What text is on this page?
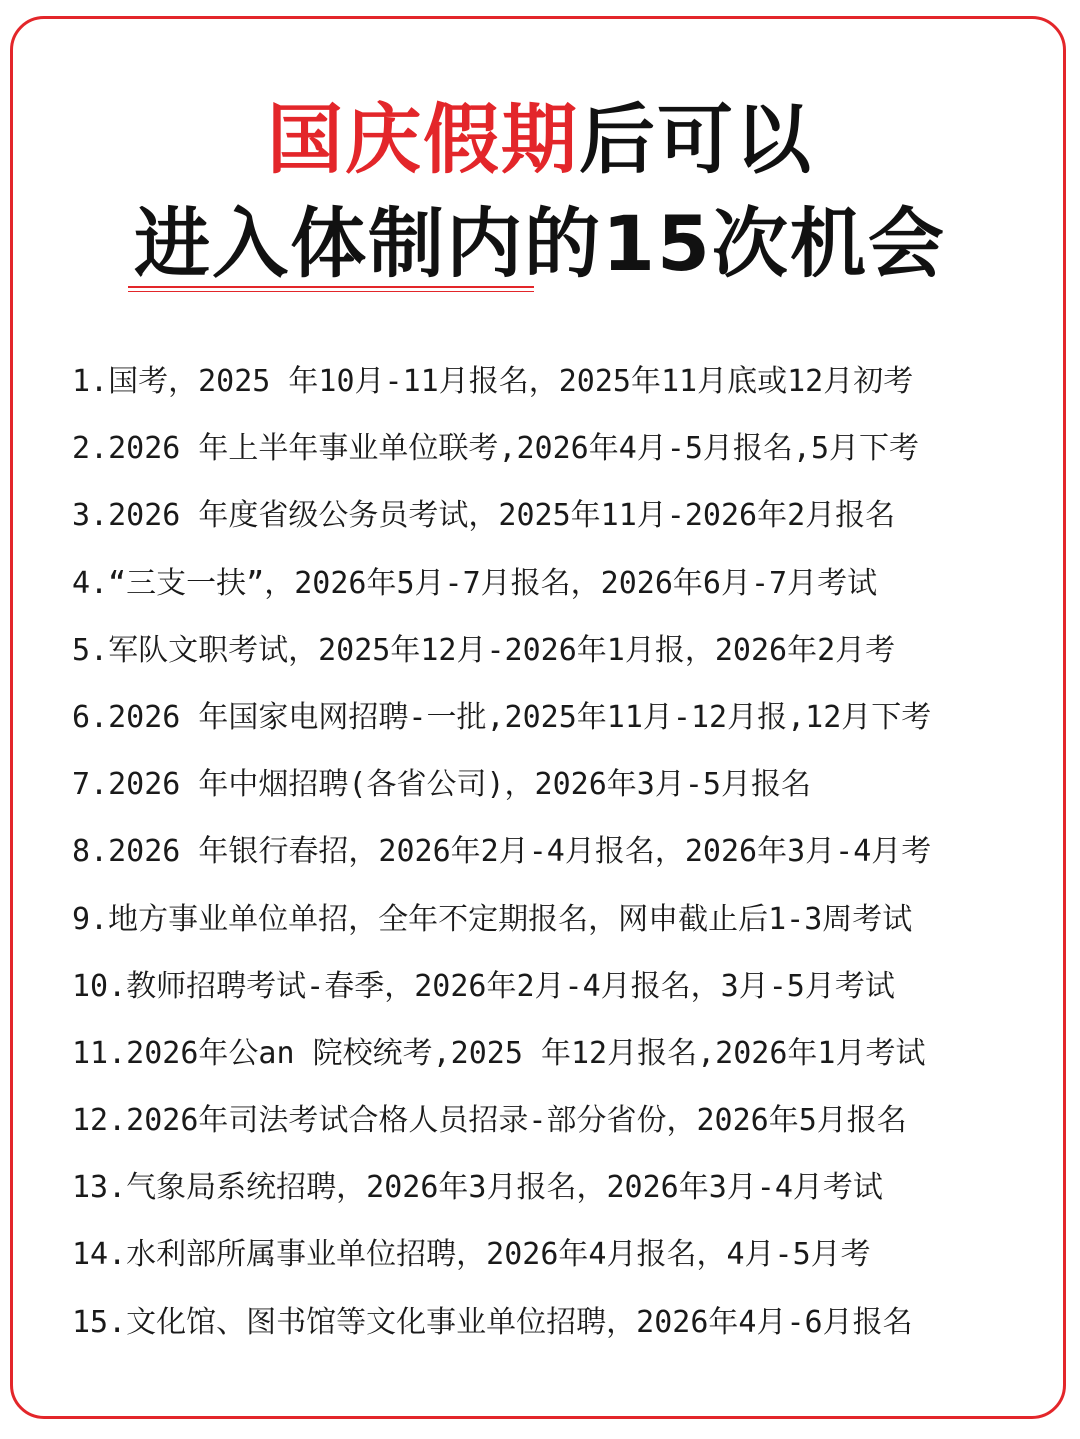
国庆假期后可以
进入体制内的15次机会
1.国考，2025 年10月-11月报名，2025年11月底或12月初考
2.2026 年上半年事业单位联考,2026年4月-5月报名,5月下考
3.2026 年度省级公务员考试，2025年11月-2026年2月报名
4.“三支一扶”，2026年5月-7月报名，2026年6月-7月考试
5.军队文职考试，2025年12月-2026年1月报，2026年2月考
6.2026 年国家电网招聘-一批,2025年11月-12月报,12月下考
7.2026 年中烟招聘(各省公司)，2026年3月-5月报名
8.2026 年银行春招，2026年2月-4月报名，2026年3月-4月考
9.地方事业单位单招，全年不定期报名，网申截止后1-3周考试
10.教师招聘考试-春季，2026年2月-4月报名，3月-5月考试
11.2026年公an 院校统考,2025 年12月报名,2026年1月考试
12.2026年司法考试合格人员招录-部分省份，2026年5月报名
13.气象局系统招聘，2026年3月报名，2026年3月-4月考试
14.水利部所属事业单位招聘，2026年4月报名，4月-5月考
15.文化馆、图书馆等文化事业单位招聘，2026年4月-6月报名
